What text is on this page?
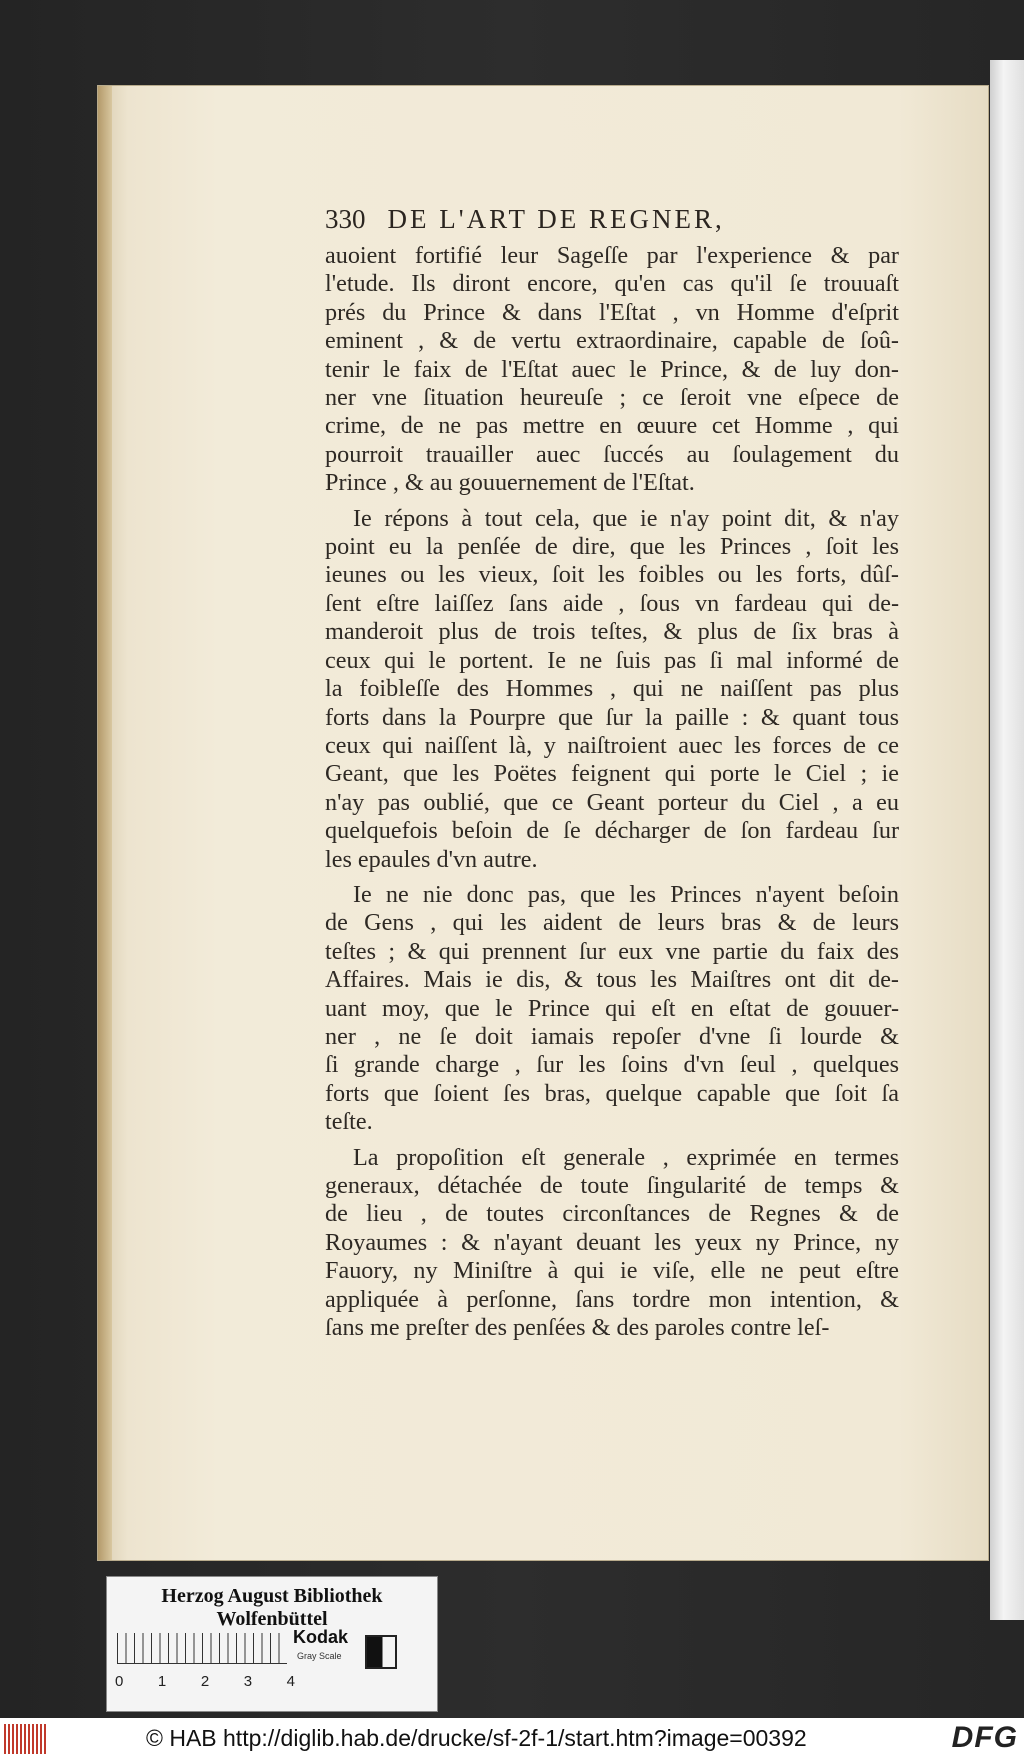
330 DE L'ART DE REGNER,
auoient fortifié leur Sageſſe par l'experience & par
l'etude. Ils diront encore, qu'en cas qu'il ſe trouuaſt
prés du Prince & dans l'Eſtat , vn Homme d'eſprit
eminent , & de vertu extraordinaire, capable de ſoû-
tenir le faix de l'Eſtat auec le Prince, & de luy don-
ner vne ſituation heureuſe ; ce ſeroit vne eſpece de
crime, de ne pas mettre en œuure cet Homme , qui
pourroit trauailler auec ſuccés au ſoulagement du
Prince , & au gouuernement de l'Eſtat.
Ie répons à tout cela, que ie n'ay point dit, & n'ay
point eu la penſée de dire, que les Princes , ſoit les
ieunes ou les vieux, ſoit les foibles ou les forts, dûſ-
ſent eſtre laiſſez ſans aide , ſous vn fardeau qui de-
manderoit plus de trois teſtes, & plus de ſix bras à
ceux qui le portent. Ie ne ſuis pas ſi mal informé de
la foibleſſe des Hommes , qui ne naiſſent pas plus
forts dans la Pourpre que ſur la paille : & quant tous
ceux qui naiſſent là, y naiſtroient auec les forces de ce
Geant, que les Poëtes feignent qui porte le Ciel ; ie
n'ay pas oublié, que ce Geant porteur du Ciel , a eu
quelquefois beſoin de ſe décharger de ſon fardeau ſur
les epaules d'vn autre.
Ie ne nie donc pas, que les Princes n'ayent beſoin
de Gens , qui les aident de leurs bras & de leurs
teſtes ; & qui prennent ſur eux vne partie du faix des
Affaires. Mais ie dis, & tous les Maiſtres ont dit de-
uant moy, que le Prince qui eſt en eſtat de gouuer-
ner , ne ſe doit iamais repoſer d'vne ſi lourde &
ſi grande charge , ſur les ſoins d'vn ſeul , quelques
forts que ſoient ſes bras, quelque capable que ſoit ſa
teſte.
La propoſition eſt generale , exprimée en termes
generaux, détachée de toute ſingularité de temps &
de lieu , de toutes circonſtances de Regnes & de
Royaumes : & n'ayant deuant les yeux ny Prince, ny
Fauory, ny Miniſtre à qui ie viſe, elle ne peut eſtre
appliquée à perſonne, ſans tordre mon intention, &
ſans me preſter des penſées & des paroles contre leſ-
Herzog August Bibliothek Wolfenbüttel
0 1 2 3 4
Kodak
Gray Scale
© HAB http://diglib.hab.de/drucke/sf-2f-1/start.htm?image=00392	DFG
